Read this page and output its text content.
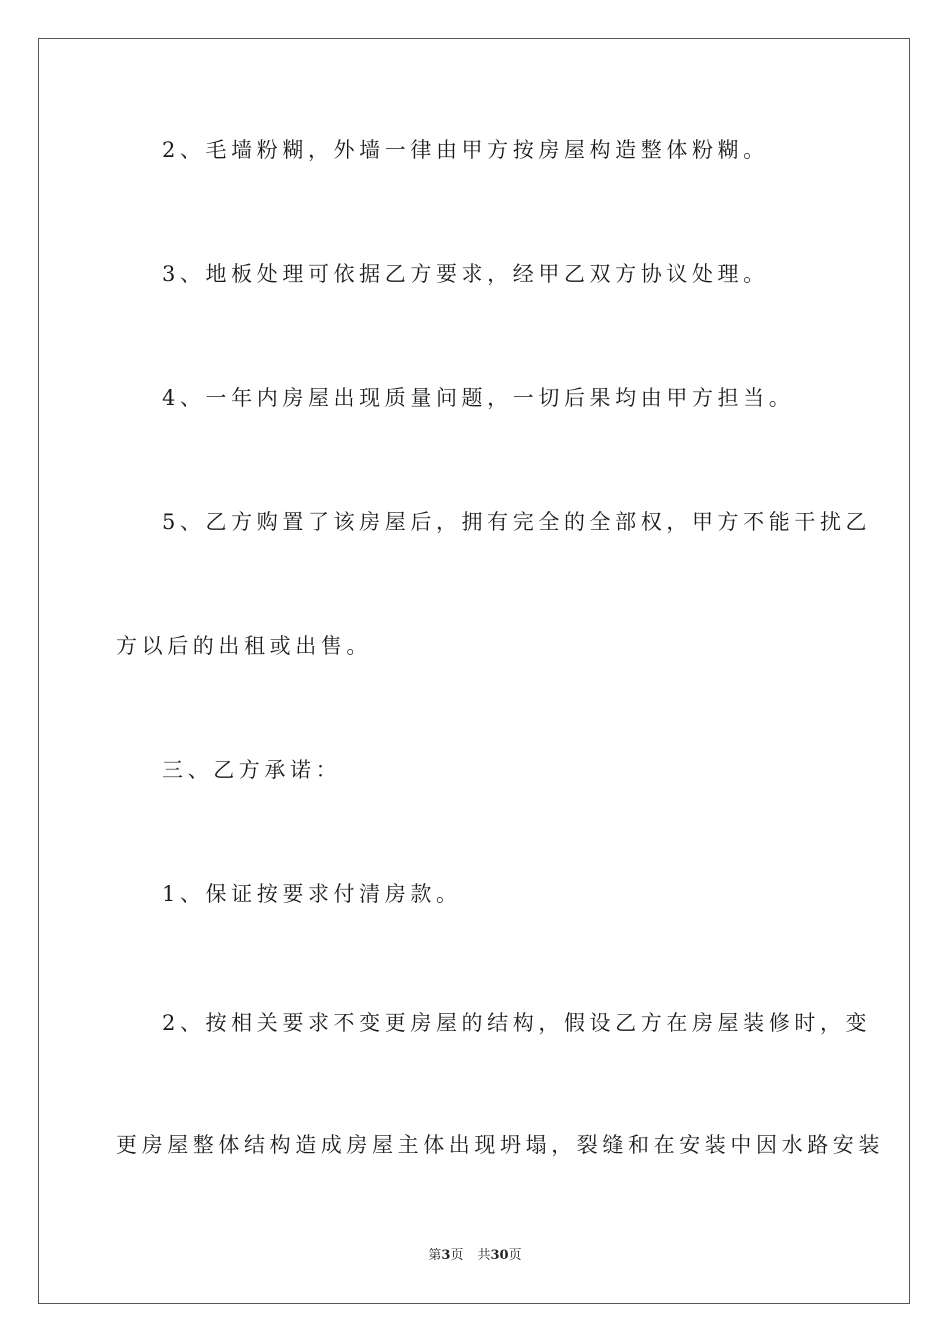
2、毛墙粉糊，外墙一律由甲方按房屋构造整体粉糊。

3、地板处理可依据乙方要求，经甲乙双方协议处理。

4、一年内房屋出现质量问题，一切后果均由甲方担当。

5、乙方购置了该房屋后，拥有完全的全部权，甲方不能干扰乙

方以后的出租或出售。

三、乙方承诺：

1、保证按要求付清房款。

2、按相关要求不变更房屋的结构，假设乙方在房屋装修时，变

更房屋整体结构造成房屋主体出现坍塌，裂缝和在安装中因水路安装

第3页 共30页
